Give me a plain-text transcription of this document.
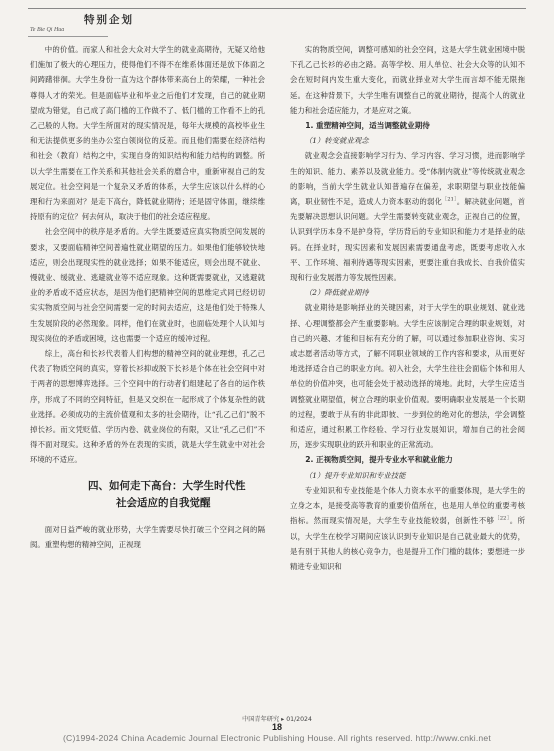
特别企划
Te Bie Qi Hua

中的价值。而家人和社会大众对大学生的就业高期待，无疑又给他们施加了极大的心理压力，使得他们不得不在维系体面还是放下体面之间踌躇徘徊。大学生身份一直为这个群体带来高台上的荣耀，一种社会尊得人才的荣光。但是面临毕业和毕业之后他们才发现，自己的就业期望成为错觉，自己成了高门槛的工作做不了、低门槛的工作看不上的孔乙己般的人物。大学生所面对的现实情况是，每年大规模的高校毕业生和无法提供更多的坐办公室白领岗位的反差。而且他们需要在经济结构和社会（教育）结构之中，实现自身的知识结构和能力结构的调整。所以大学生需要在工作关系和其他社会关系的磨合中，重新审视自己的发展定位。社会空间是一个复杂又矛盾的体系，大学生应该以什么样的心理和行为来面对？是走下高台，降低就业期待；还是固守体面，继续维持原有的定位？何去何从，取决于他们的社会适应程度。

社会空间中的秩序是矛盾的。大学生既要适应真实物质空间发展的要求，又要面临精神空间普遍性就业期望的压力。如果他们能够较快地适应，则会出现现实性的就业选择；如果不能适应，则会出现不就业、慢就业、缓就业、逃避就业等不适应现象。这种既需要就业，又逃避就业的矛盾或不适应状态，是因为他们把精神空间的思维定式同已经切切实实物质空间与社会空间需要一定的时间去适应，这是他们处于特殊人生发展阶段的必然现象。同样，他们在就业时，也面临处理个人认知与现实岗位的矛盾或困境，这也需要一个适应的缓冲过程。

综上，高台和长衫代表着人们构想的精神空间的就业理想，孔乙己代表了物质空间的真实，穿着长衫抑或脱下长衫是个体在社会空间中对于两者的思想博弈选择。三个空间中的行动者们组建起了各自的运作秩序，形成了不同的空间特征，但是又交织在一起形成了个体复杂性的就业选择。必须成功的主流价值观和太多的社会期待，让“孔乙己们”脱不掉长衫。而文凭贬值、学历内卷、就业岗位的有限，又让“孔乙己们”不得不面对现实。这种矛盾的外在表现的实质，就是大学生就业中对社会环境的不适应。

四、如何走下高台：大学生时代性
社会适应的自我觉醒

面对日益严峻的就业形势，大学生需要尽快打破三个空间之间的隔阂。重塑构想的精神空间，正视现

实的物质空间，调整可感知的社会空间，这是大学生就业困境中脱下孔乙己长衫的必由之路。高等学校、用人单位、社会大众等的认知不会在短时间内发生重大变化，而就业择业对大学生而言却不能无限拖延。在这种背景下，大学生唯有调整自己的就业期待，提高个人的就业能力和社会适应能力，才是应对之策。

1. 重塑精神空间，适当调整就业期待

（1）转变就业观念

就业观念会直接影响学习行为、学习内容、学习习惯，进而影响学生的知识、能力、素养以及就业能力。受“体制内就业”等传统就业观念的影响，当前大学生就业认知普遍存在偏差，求职期望与职业技能偏离，职业韧性不足，造成人力资本驱动的弱化$^{[21]}$。解决就业问题，首先要解决思想认识问题。大学生需要转变就业观念，正视自己的位置，认识到学历本身不是护身符，学历背后的专业知识和能力才是择业的砝码。在择业时，现实因素和发展因素需要通盘考虑，既要考虑收入水平、工作环境、福利待遇等现实因素，更要注重自我成长、自我价值实现和行业发展潜力等发展性因素。

（2）降低就业期待

就业期待是影响择业的关键因素，对于大学生的职业规划、就业选择、心理调整都会产生重要影响。大学生应该制定合理的职业规划，对自己的兴趣、才能和目标有充分的了解，可以通过参加职业咨询、实习或志愿者活动等方式，了解不同职业领域的工作内容和要求，从而更好地选择适合自己的职业方向。初入社会，大学生往往会面临个体和用人单位的价值冲突，也可能会处于被动选择的境地。此时，大学生应适当调整就业期望值，树立合理的职业价值观。要明确职业发展是一个长期的过程，要敢于从有的非此即彼、一步到位的绝对化的想法，学会调整和适应，通过积累工作经验、学习行业发展知识，增加自己的社会阅历，逐步实现职业的跃升和职业的正常流动。

2. 正视物质空间，提升专业水平和就业能力

（1）提升专业知识和专业技能

专业知识和专业技能是个体人力资本水平的重要体现，是大学生的立身之本，是接受高等教育的重要价值所在，也是用人单位的重要考核指标。然而现实情况是，大学生专业技能较弱，创新性不够$^{[22]}$。所以，大学生在校学习期间应该认识到专业知识是自己就业最大的优势，是有别于其他人的核心竞争力，也是提升工作门槛的载体；要想进一步精进专业知识和

中国青年研究 ▸ 01/2024
18
(C)1994-2024 China Academic Journal Electronic Publishing House. All rights reserved. http://www.cnki.net
